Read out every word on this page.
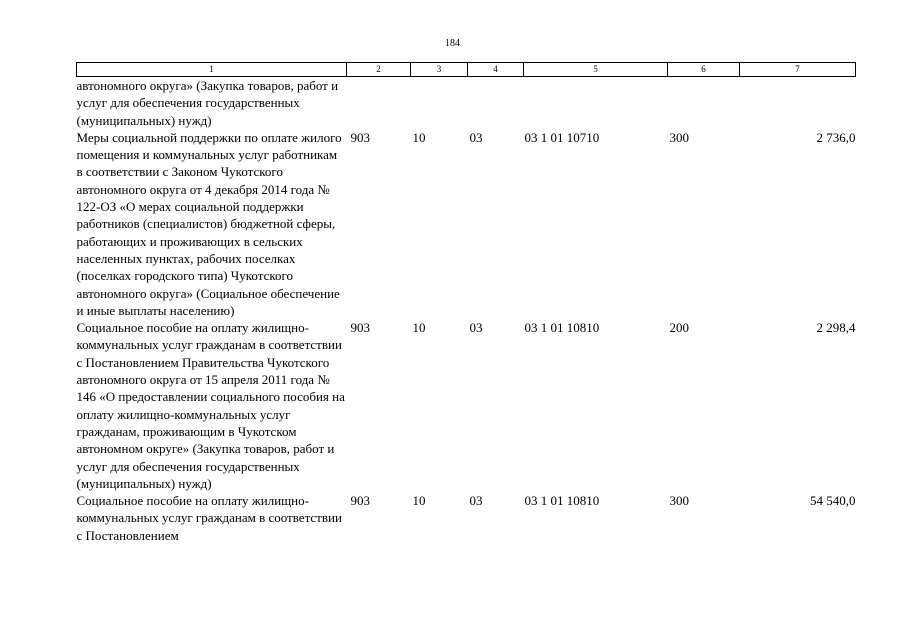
184
1	2	3	4	5	6	7
автономного округа» (Закупка товаров, работ и услуг для обеспечения государственных (муниципальных) нужд)						
Меры социальной поддержки по оплате жилого помещения и коммунальных услуг работникам в соответствии с Законом Чукотского автономного округа от 4 декабря 2014 года № 122-ОЗ «О мерах социальной поддержки работников (специалистов) бюджетной сферы, работающих и проживающих в сельских населенных пунктах, рабочих поселках (поселках городского типа) Чукотского автономного округа» (Социальное обеспечение и иные выплаты населению)	903	10	03	03 1 01 10710	300	2 736,0
Социальное пособие на оплату жилищно-коммунальных услуг гражданам в соответствии с Постановлением Правительства Чукотского автономного округа от 15 апреля 2011 года № 146 «О предоставлении социального пособия на оплату жилищно-коммунальных услуг гражданам, проживающим в Чукотском автономном округе» (Закупка товаров, работ и услуг для обеспечения государственных (муниципальных) нужд)	903	10	03	03 1 01 10810	200	2 298,4
Социальное пособие на оплату жилищно-коммунальных услуг гражданам в соответствии с Постановлением	903	10	03	03 1 01 10810	300	54 540,0
